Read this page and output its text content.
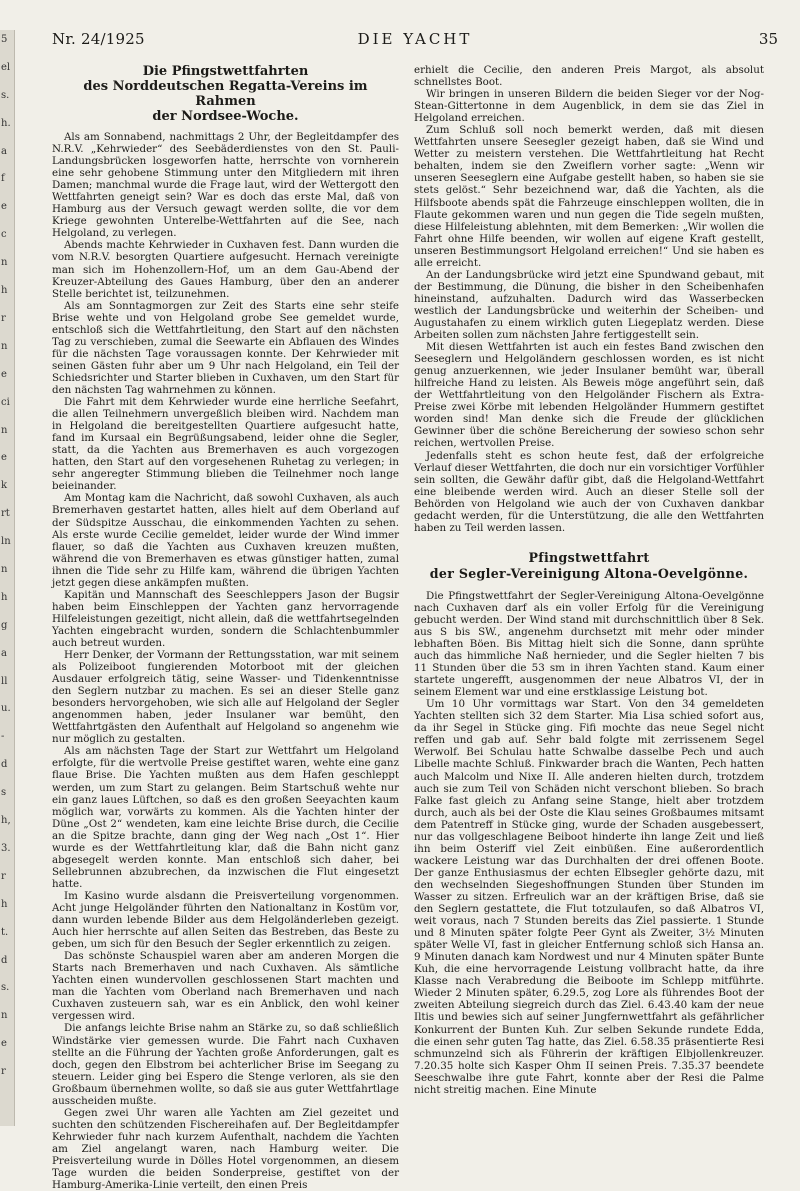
5
el
s.
h.
a
f
e
c
n
h
r
n
e
ci
n
e
k
rt
ln
n
h
g
a
ll
u.
-
d
s
h,
3.
r
h
t.
d
s.
n
e
r
Nr. 24/1925	DIE YACHT	35
Die Pfingstwettfahrten
des Norddeutschen Regatta-Vereins im Rahmen
der Nordsee-Woche.

Als am Sonnabend, nachmittags 2 Uhr, der Begleitdampfer des N.R.V. „Kehrwieder“ des Seebäderdienstes von den St. Pauli-Landungsbrücken losgeworfen hatte, herrschte von vornherein eine sehr gehobene Stimmung unter den Mitgliedern mit ihren Damen; manchmal wurde die Frage laut, wird der Wettergott den Wettfahrten geneigt sein? War es doch das erste Mal, daß von Hamburg aus der Versuch gewagt werden sollte, die vor dem Kriege gewohnten Unterelbe-Wettfahrten auf die See, nach Helgoland, zu verlegen.

Abends machte Kehrwieder in Cuxhaven fest. Dann wurden die vom N.R.V. besorgten Quartiere aufgesucht. Hernach vereinigte man sich im Hohenzollern-Hof, um an dem Gau-Abend der Kreuzer-Abteilung des Gaues Hamburg, über den an anderer Stelle berichtet ist, teilzunehmen.

Als am Sonntagmorgen zur Zeit des Starts eine sehr steife Brise wehte und von Helgoland grobe See gemeldet wurde, entschloß sich die Wettfahrtleitung, den Start auf den nächsten Tag zu verschieben, zumal die Seewarte ein Abflauen des Windes für die nächsten Tage voraussagen konnte. Der Kehrwieder mit seinen Gästen fuhr aber um 9 Uhr nach Helgoland, ein Teil der Schiedsrichter und Starter blieben in Cuxhaven, um den Start für den nächsten Tag wahrnehmen zu können.

Die Fahrt mit dem Kehrwieder wurde eine herrliche Seefahrt, die allen Teilnehmern unvergeßlich bleiben wird. Nachdem man in Helgoland die bereitgestellten Quartiere aufgesucht hatte, fand im Kursaal ein Begrüßungsabend, leider ohne die Segler, statt, da die Yachten aus Bremerhaven es auch vorgezogen hatten, den Start auf den vorgesehenen Ruhetag zu verlegen; in sehr angeregter Stimmung blieben die Teilnehmer noch lange beieinander.

Am Montag kam die Nachricht, daß sowohl Cuxhaven, als auch Bremerhaven gestartet hatten, alles hielt auf dem Oberland auf der Südspitze Ausschau, die einkommenden Yachten zu sehen. Als erste wurde Cecilie gemeldet, leider wurde der Wind immer flauer, so daß die Yachten aus Cuxhaven kreuzen mußten, während die von Bremerhaven es etwas günstiger hatten, zumal ihnen die Tide sehr zu Hilfe kam, während die übrigen Yachten jetzt gegen diese ankämpfen mußten.

Kapitän und Mannschaft des Seeschleppers Jason der Bugsir haben beim Einschleppen der Yachten ganz hervorragende Hilfeleistungen gezeitigt, nicht allein, daß die wettfahrtsegelnden Yachten eingebracht wurden, sondern die Schlachtenbummler auch betreut wurden.

Herr Denker, der Vormann der Rettungsstation, war mit seinem als Polizeiboot fungierenden Motorboot mit der gleichen Ausdauer erfolgreich tätig, seine Wasser- und Tidenkenntnisse den Seglern nutzbar zu machen. Es sei an dieser Stelle ganz besonders hervorgehoben, wie sich alle auf Helgoland der Segler angenommen haben, jeder Insulaner war bemüht, den Wettfahrtgästen den Aufenthalt auf Helgoland so angenehm wie nur möglich zu gestalten.

Als am nächsten Tage der Start zur Wettfahrt um Helgoland erfolgte, für die wertvolle Preise gestiftet waren, wehte eine ganz flaue Brise. Die Yachten mußten aus dem Hafen geschleppt werden, um zum Start zu gelangen. Beim Startschuß wehte nur ein ganz laues Lüftchen, so daß es den großen Seeyachten kaum möglich war, vorwärts zu kommen. Als die Yachten hinter der Düne „Ost 2“ wendeten, kam eine leichte Brise durch, die Cecilie an die Spitze brachte, dann ging der Weg nach „Ost 1“. Hier wurde es der Wettfahrtleitung klar, daß die Bahn nicht ganz abgesegelt werden konnte. Man entschloß sich daher, bei Sellebrunnen abzubrechen, da inzwischen die Flut eingesetzt hatte.

Im Kasino wurde alsdann die Preisverteilung vorgenommen. Acht junge Helgoländer führten den Nationaltanz in Kostüm vor, dann wurden lebende Bilder aus dem Helgoländerleben gezeigt. Auch hier herrschte auf allen Seiten das Bestreben, das Beste zu geben, um sich für den Besuch der Segler erkenntlich zu zeigen.

Das schönste Schauspiel waren aber am anderen Morgen die Starts nach Bremerhaven und nach Cuxhaven. Als sämtliche Yachten einen wundervollen geschlossenen Start machten und man die Yachten vom Oberland nach Bremerhaven und nach Cuxhaven zusteuern sah, war es ein Anblick, den wohl keiner vergessen wird.

Die anfangs leichte Brise nahm an Stärke zu, so daß schließlich Windstärke vier gemessen wurde. Die Fahrt nach Cuxhaven stellte an die Führung der Yachten große Anforderungen, galt es doch, gegen den Elbstrom bei achterlicher Brise im Seegang zu steuern. Leider ging bei Espero die Stenge verloren, als sie den Großbaum übernehmen wollte, so daß sie aus guter Wettfahrtlage ausscheiden mußte.

Gegen zwei Uhr waren alle Yachten am Ziel gezeitet und suchten den schützenden Fischereihafen auf. Der Begleitdampfer Kehrwieder fuhr nach kurzem Aufenthalt, nachdem die Yachten am Ziel angelangt waren, nach Hamburg weiter. Die Preisverteilung wurde in Dölles Hotel vorgenommen, an diesem Tage wurden die beiden Sonderpreise, gestiftet von der Hamburg-Amerika-Linie verteilt, den einen Preis

erhielt die Cecilie, den anderen Preis Margot, als absolut schnellstes Boot.

Wir bringen in unseren Bildern die beiden Sieger vor der Nog-Stean-Gittertonne in dem Augenblick, in dem sie das Ziel in Helgoland erreichen.

Zum Schluß soll noch bemerkt werden, daß mit diesen Wettfahrten unsere Seesegler gezeigt haben, daß sie Wind und Wetter zu meistern verstehen. Die Wettfahrtleitung hat Recht behalten, indem sie den Zweiflern vorher sagte: „Wenn wir unseren Seeseglern eine Aufgabe gestellt haben, so haben sie sie stets gelöst.“ Sehr bezeichnend war, daß die Yachten, als die Hilfsboote abends spät die Fahrzeuge einschleppen wollten, die in Flaute gekommen waren und nun gegen die Tide segeln mußten, diese Hilfeleistung ablehnten, mit dem Bemerken: „Wir wollen die Fahrt ohne Hilfe beenden, wir wollen auf eigene Kraft gestellt, unseren Bestimmungsort Helgoland erreichen!“ Und sie haben es alle erreicht.

An der Landungsbrücke wird jetzt eine Spundwand gebaut, mit der Bestimmung, die Dünung, die bisher in den Scheibenhafen hineinstand, aufzuhalten. Dadurch wird das Wasserbecken westlich der Landungsbrücke und weiterhin der Scheiben- und Augustahafen zu einem wirklich guten Liegeplatz werden. Diese Arbeiten sollen zum nächsten Jahre fertiggestellt sein.

Mit diesen Wettfahrten ist auch ein festes Band zwischen den Seeseglern und Helgoländern geschlossen worden, es ist nicht genug anzuerkennen, wie jeder Insulaner bemüht war, überall hilfreiche Hand zu leisten. Als Beweis möge angeführt sein, daß der Wettfahrtleitung von den Helgoländer Fischern als Extra-Preise zwei Körbe mit lebenden Helgoländer Hummern gestiftet worden sind! Man denke sich die Freude der glücklichen Gewinner über die schöne Bereicherung der sowieso schon sehr reichen, wertvollen Preise.

Jedenfalls steht es schon heute fest, daß der erfolgreiche Verlauf dieser Wettfahrten, die doch nur ein vorsichtiger Vorfühler sein sollten, die Gewähr dafür gibt, daß die Helgoland-Wettfahrt eine bleibende werden wird. Auch an dieser Stelle soll der Behörden von Helgoland wie auch der von Cuxhaven dankbar gedacht werden, für die Unterstützung, die alle den Wettfahrten haben zu Teil werden lassen.

Pfingstwettfahrt
der Segler-Vereinigung Altona-Oevelgönne.

Die Pfingstwettfahrt der Segler-Vereinigung Altona-Oevelgönne nach Cuxhaven darf als ein voller Erfolg für die Vereinigung gebucht werden. Der Wind stand mit durchschnittlich über 8 Sek. aus S bis SW., angenehm durchsetzt mit mehr oder minder lebhaften Böen. Bis Mittag hielt sich die Sonne, dann sprühte auch das himmliche Naß hernieder, und die Segler hielten 7 bis 11 Stunden über die 53 sm in ihren Yachten stand. Kaum einer startete ungerefft, ausgenommen der neue Albatros VI, der in seinem Element war und eine erstklassige Leistung bot.

Um 10 Uhr vormittags war Start. Von den 34 gemeldeten Yachten stellten sich 32 dem Starter. Mia Lisa schied sofort aus, da ihr Segel in Stücke ging. Fifi mochte das neue Segel nicht reffen und gab auf. Sehr bald folgte mit zerrissenem Segel Werwolf. Bei Schulau hatte Schwalbe dasselbe Pech und auch Libelle machte Schluß. Finkwarder brach die Wanten, Pech hatten auch Malcolm und Nixe II. Alle anderen hielten durch, trotzdem auch sie zum Teil von Schäden nicht verschont blieben. So brach Falke fast gleich zu Anfang seine Stange, hielt aber trotzdem durch, auch als bei der Oste die Klau seines Großbaumes mitsamt dem Patentreff in Stücke ging, wurde der Schaden ausgebessert, nur das vollgeschlagene Beiboot hinderte ihn lange Zeit und ließ ihn beim Osteriff viel Zeit einbüßen. Eine außerordentlich wackere Leistung war das Durchhalten der drei offenen Boote. Der ganze Enthusiasmus der echten Elbsegler gehörte dazu, mit den wechselnden Siegeshoffnungen Stunden über Stunden im Wasser zu sitzen. Erfreulich war an der kräftigen Brise, daß sie den Seglern gestattete, die Flut totzulaufen, so daß Albatros VI, weit voraus, nach 7 Stunden bereits das Ziel passierte. 1 Stunde und 8 Minuten später folgte Peer Gynt als Zweiter, 3½ Minuten später Welle VI, fast in gleicher Entfernung schloß sich Hansa an. 9 Minuten danach kam Nordwest und nur 4 Minuten später Bunte Kuh, die eine hervorragende Leistung vollbracht hatte, da ihre Klasse nach Verabredung die Beiboote im Schlepp mitführte. Wieder 2 Minuten später, 6.29.5, zog Lore als führendes Boot der zweiten Abteilung siegreich durch das Ziel. 6.43.40 kam der neue Iltis und bewies sich auf seiner Jungfernwettfahrt als gefährlicher Konkurrent der Bunten Kuh. Zur selben Sekunde rundete Edda, die einen sehr guten Tag hatte, das Ziel. 6.58.35 präsentierte Resi schmunzelnd sich als Führerin der kräftigen Elbjollenkreuzer. 7.20.35 holte sich Kasper Ohm II seinen Preis. 7.35.37 beendete Seeschwalbe ihre gute Fahrt, konnte aber der Resi die Palme nicht streitig machen. Eine Minute
